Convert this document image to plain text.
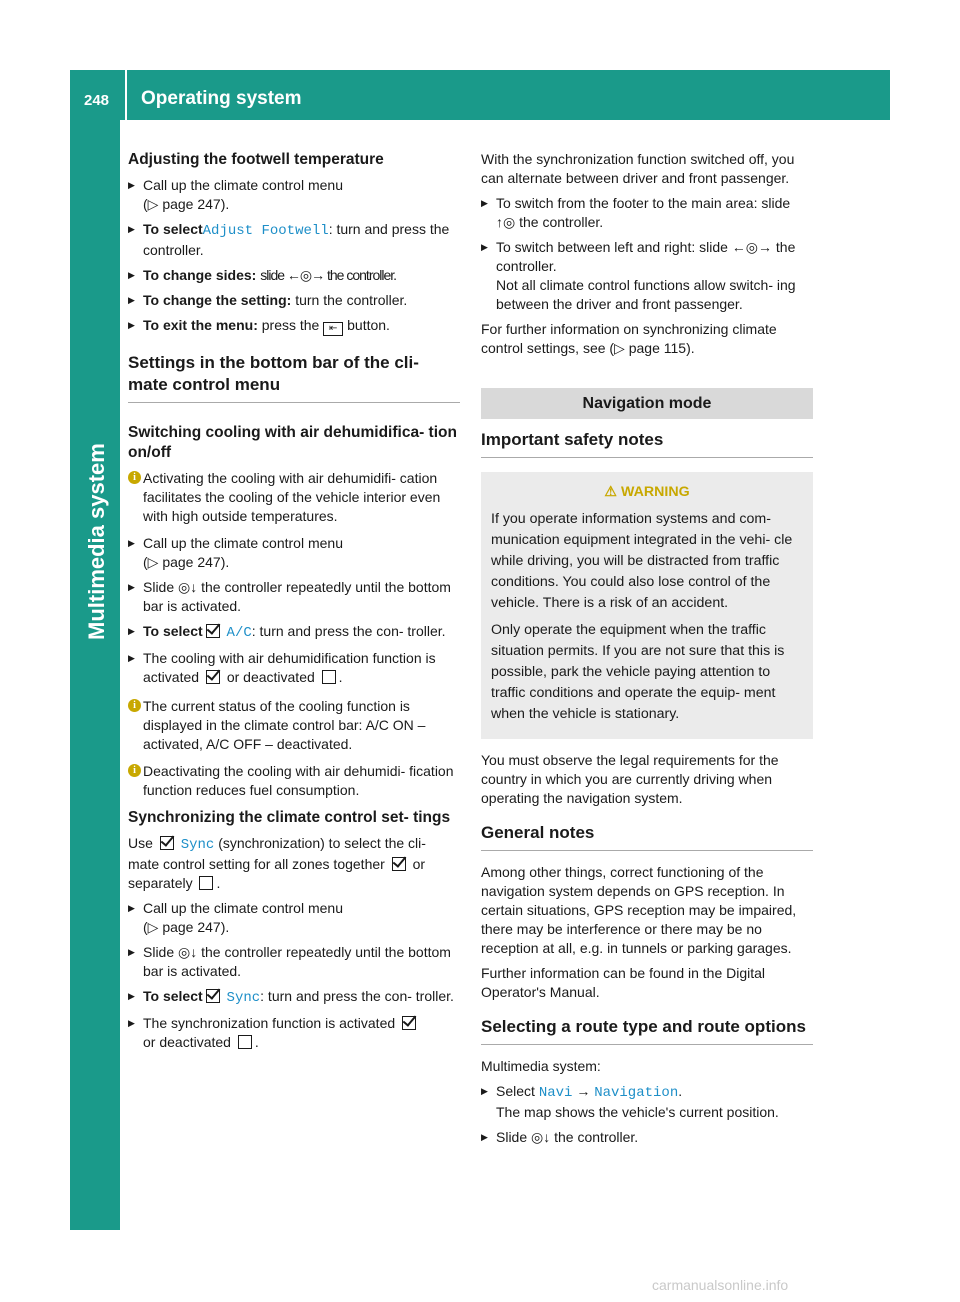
248 Operating system
Adjusting the footwell temperature
▶ Call up the climate control menu
(▷ page 247).
▶ To selectAdjust Footwell: turn and press the controller.
▶ To change sides: slide ←◎→ the controller.
▶ To change the setting: turn the controller.
▶ To exit the menu: press the ⇤ button.
Settings in the bottom bar of the cli- mate control menu
Switching cooling with air dehumidifica- tion on/off
i Activating the cooling with air dehumidifi- cation facilitates the cooling of the vehicle interior even with high outside temperatures.
▶ Call up the climate control menu
(▷ page 247).
▶ Slide ◎↓ the controller repeatedly until the bottom bar is activated.
▶ To select A/C: turn and press the con- troller.
▶ The cooling with air dehumidification function is activated or deactivated .
i The current status of the cooling function is displayed in the climate control bar: A/C ON – activated, A/C OFF – deactivated.
i Deactivating the cooling with air dehumidi- fication function reduces fuel consumption.
Synchronizing the climate control set- tings

Use Sync (synchronization) to select the cli- mate control setting for all zones together or separately .

▶ Call up the climate control menu
(▷ page 247).
▶ Slide ◎↓ the controller repeatedly until the bottom bar is activated.
▶ To select Sync: turn and press the con- troller.
▶ The synchronization function is activated
or deactivated .

With the synchronization function switched off, you can alternate between driver and front passenger.

▶ To switch from the footer to the main area: slide ↑◎ the controller.
▶ To switch between left and right: slide ←◎→ the controller.
Not all climate control functions allow switch- ing between the driver and front passenger.

For further information on synchronizing climate control settings, see (▷ page 115).

Navigation mode
Important safety notes
⚠ WARNING

If you operate information systems and com- munication equipment integrated in the vehi- cle while driving, you will be distracted from traffic conditions. You could also lose control of the vehicle. There is a risk of an accident.

Only operate the equipment when the traffic situation permits. If you are not sure that this is possible, park the vehicle paying attention to traffic conditions and operate the equip- ment when the vehicle is stationary.

You must observe the legal requirements for the country in which you are currently driving when operating the navigation system.

General notes

Among other things, correct functioning of the navigation system depends on GPS reception. In certain situations, GPS reception may be impaired, there may be interference or there may be no reception at all, e.g. in tunnels or parking garages.

Further information can be found in the Digital Operator's Manual.

Selecting a route type and route options

Multimedia system:

▶ Select Navi → Navigation.
The map shows the vehicle's current position.
▶ Slide ◎↓ the controller.
carmanualsonline.info
